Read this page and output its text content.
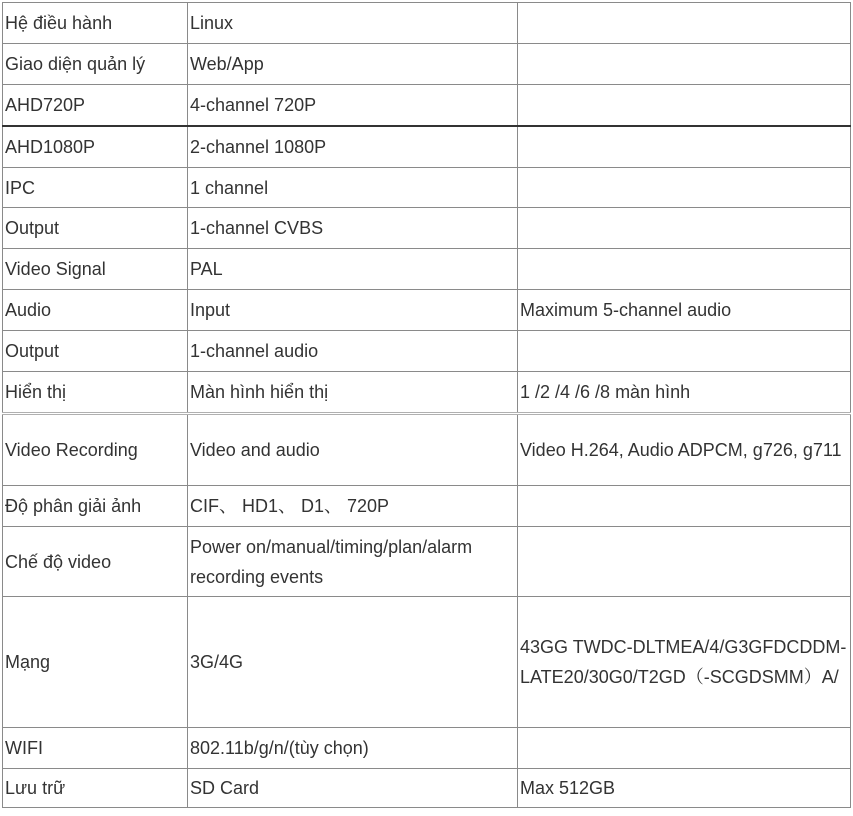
Hệ điều hành	Linux	
Giao diện quản lý	Web/App	
AHD720P	4-channel 720P	
AHD1080P	2-channel 1080P	
IPC	1 channel	
Output	1-channel CVBS	
Video Signal	PAL	
Audio	Input	Maximum 5-channel audio
Output	1-channel audio	
Hiển thị	Màn hình hiển thị	1 /2 /4 /6 /8 màn hình
Video Recording	Video and audio	Video H.264, Audio ADPCM, g726, g711
Độ phân giải ảnh	CIF、 HD1、 D1、 720P	
Chế độ video	Power on/manual/timing/plan/alarm recording events	
Mạng	3G/4G	43GG TWDC-DLTMEA/4/G3GFDCDDM-LATE20/30G0/T2GD（-SCGDSMM）A/
WIFI	802.11b/g/n/(tùy chọn)	
Lưu trữ	SD Card	Max 512GB
